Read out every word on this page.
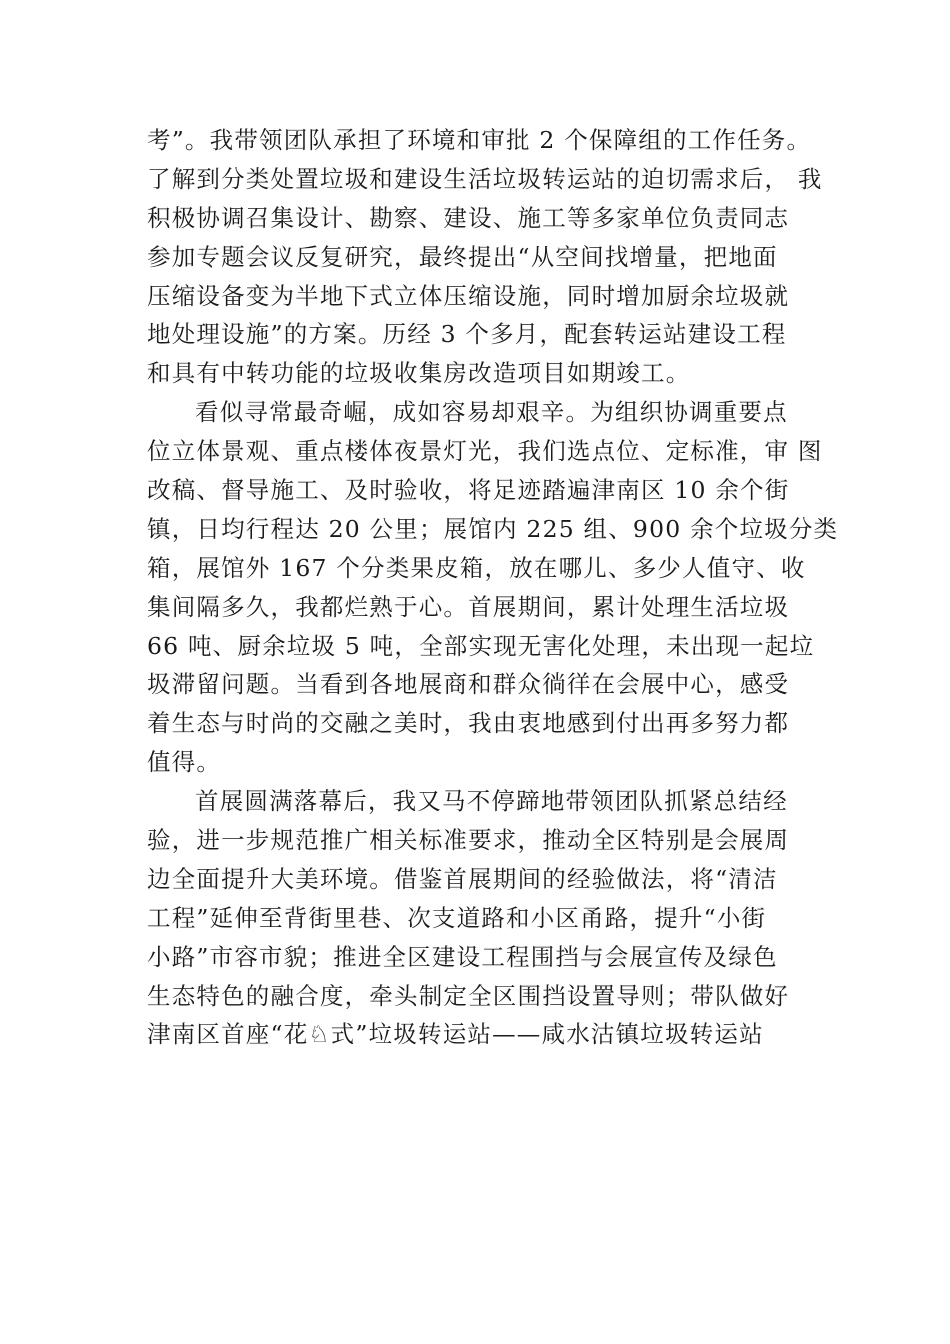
考”。我带领团队承担了环境和审批 2 个保障组的工作任务。
了解到分类处置垃圾和建设生活垃圾转运站的迫切需求后， 我
积极协调召集设计、勘察、建设、施工等多家单位负责同志
参加专题会议反复研究，最终提出“从空间找增量，把地面
压缩设备变为半地下式立体压缩设施，同时增加厨余垃圾就
地处理设施”的方案。历经 3 个多月，配套转运站建设工程
和具有中转功能的垃圾收集房改造项目如期竣工。
看似寻常最奇崛，成如容易却艰辛。为组织协调重要点
位立体景观、重点楼体夜景灯光，我们选点位、定标准，审 图
改稿、督导施工、及时验收，将足迹踏遍津南区 10 余个街
镇，日均行程达 20 公里；展馆内 225 组、900 余个垃圾分类
箱，展馆外 167 个分类果皮箱，放在哪儿、多少人值守、收
集间隔多久，我都烂熟于心。首展期间，累计处理生活垃圾
66 吨、厨余垃圾 5 吨，全部实现无害化处理，未出现一起垃
圾滞留问题。当看到各地展商和群众徜徉在会展中心，感受
着生态与时尚的交融之美时，我由衷地感到付出再多努力都
值得。
首展圆满落幕后，我又马不停蹄地带领团队抓紧总结经
验，进一步规范推广相关标准要求，推动全区特别是会展周
边全面提升大美环境。借鉴首展期间的经验做法，将“清洁
工程”延伸至背街里巷、次支道路和小区甬路，提升“小街
小路”市容市貌；推进全区建设工程围挡与会展宣传及绿色
生态特色的融合度，牵头制定全区围挡设置导则；带队做好
津南区首座“花♘式”垃圾转运站——咸水沽镇垃圾转运站
